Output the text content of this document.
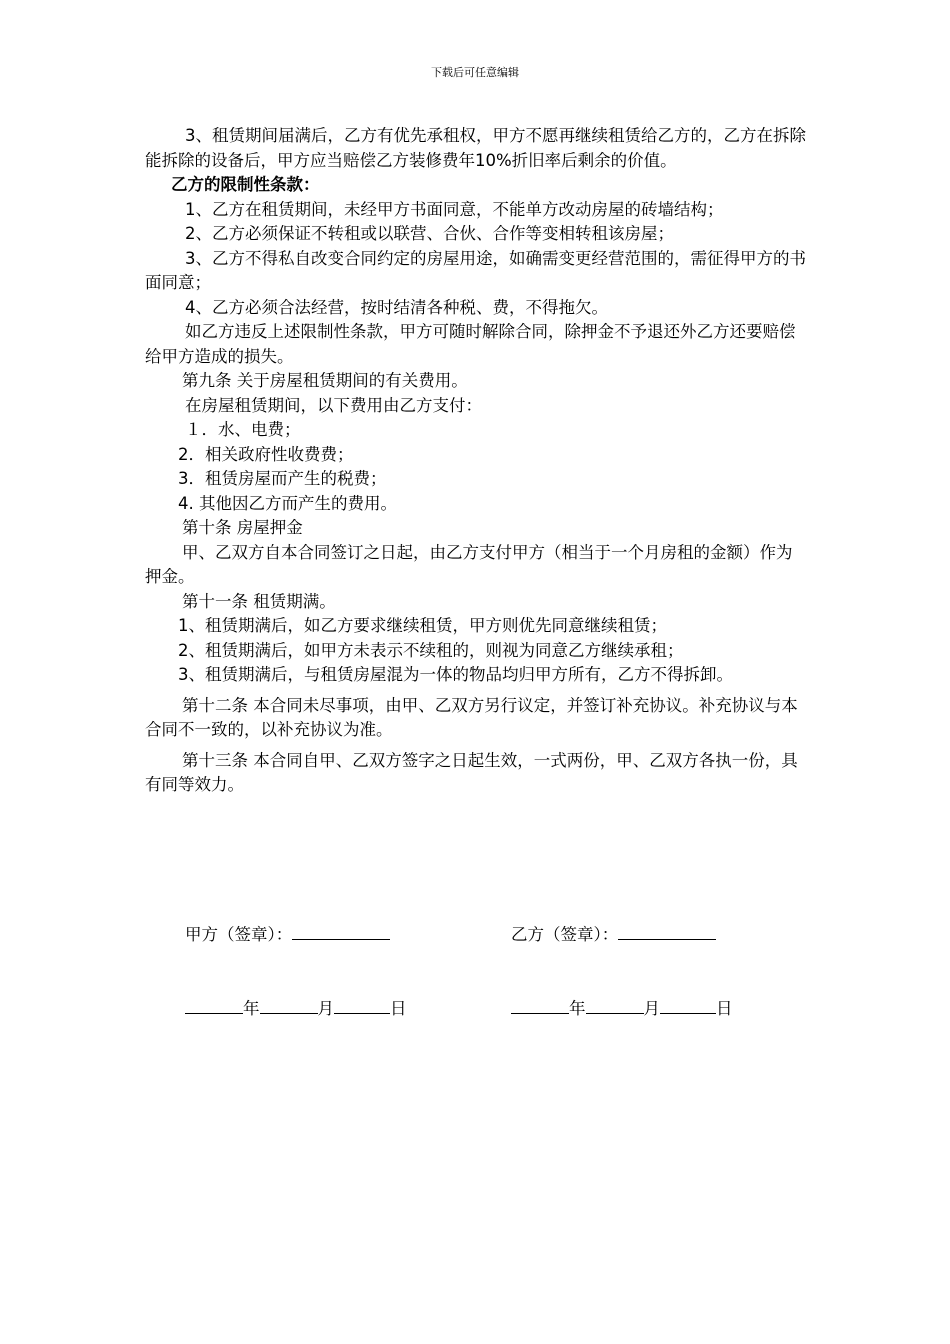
下载后可任意编辑

3、租赁期间届满后，乙方有优先承租权，甲方不愿再继续租赁给乙方的，乙方在拆除能拆除的设备后，甲方应当赔偿乙方装修费年10%折旧率后剩余的价值。

乙方的限制性条款：

1、乙方在租赁期间，未经甲方书面同意，不能单方改动房屋的砖墙结构；

2、乙方必须保证不转租或以联营、合伙、合作等变相转租该房屋；

3、乙方不得私自改变合同约定的房屋用途，如确需变更经营范围的，需征得甲方的书面同意；

4、乙方必须合法经营，按时结清各种税、费，不得拖欠。

如乙方违反上述限制性条款，甲方可随时解除合同，除押金不予退还外乙方还要赔偿给甲方造成的损失。

第九条 关于房屋租赁期间的有关费用。

在房屋租赁期间，以下费用由乙方支付：

１．水、电费；

2．相关政府性收费费；

3．租赁房屋而产生的税费；

4. 其他因乙方而产生的费用。

第十条 房屋押金

甲、乙双方自本合同签订之日起，由乙方支付甲方（相当于一个月房租的金额）作为押金。

第十一条 租赁期满。

1、租赁期满后，如乙方要求继续租赁，甲方则优先同意继续租赁；

2、租赁期满后，如甲方未表示不续租的，则视为同意乙方继续承租；

3、租赁期满后，与租赁房屋混为一体的物品均归甲方所有，乙方不得拆卸。

第十二条 本合同未尽事项，由甲、乙双方另行议定，并签订补充协议。补充协议与本合同不一致的，以补充协议为准。

第十三条 本合同自甲、乙双方签字之日起生效，一式两份，甲、乙双方各执一份，具有同等效力。

甲方（签章）：	乙方（签章）：
年	月	日	年	月	日
